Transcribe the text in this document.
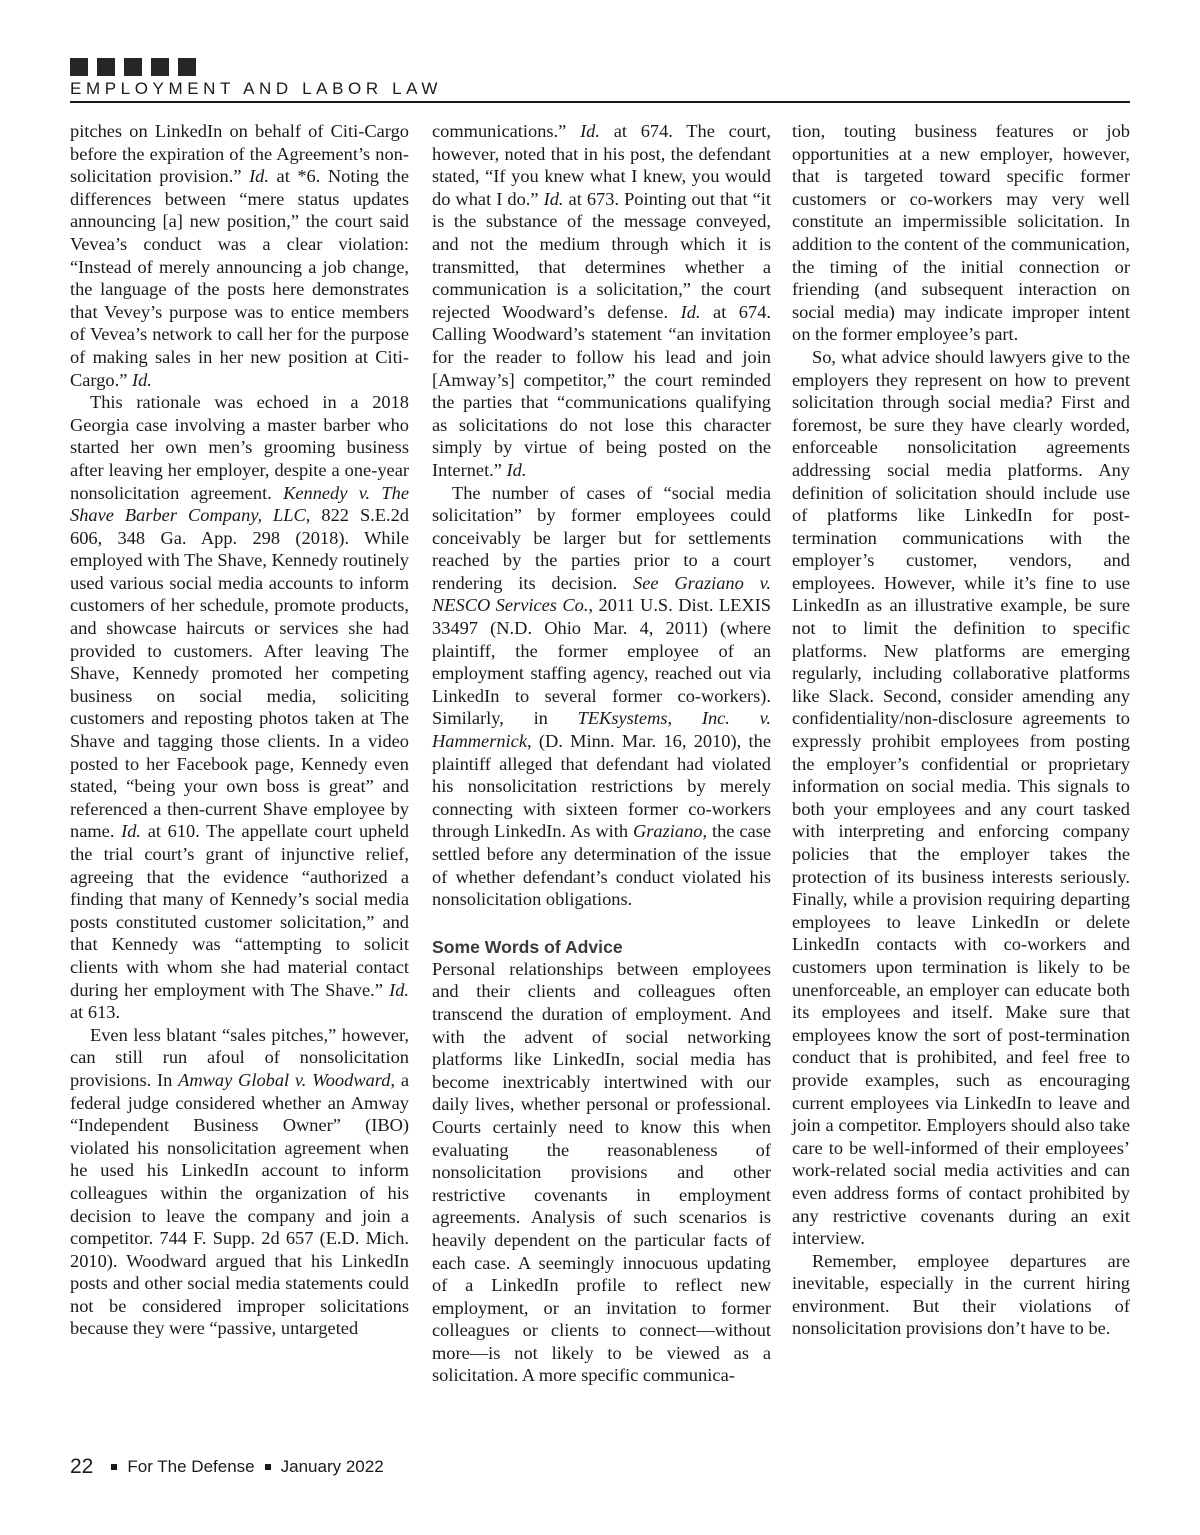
EMPLOYMENT AND LABOR LAW

pitches on LinkedIn on behalf of Citi-Cargo before the expiration of the Agreement’s non-solicitation provision.” Id. at *6. Noting the differences between “mere status updates announcing [a] new position,” the court said Vevea’s conduct was a clear violation: “Instead of merely announcing a job change, the language of the posts here demonstrates that Vevey’s purpose was to entice members of Vevea’s network to call her for the purpose of making sales in her new position at Citi-Cargo.” Id.

This rationale was echoed in a 2018 Georgia case involving a master barber who started her own men’s grooming business after leaving her employer, despite a one-year nonsolicitation agreement. Kennedy v. The Shave Barber Company, LLC, 822 S.E.2d 606, 348 Ga. App. 298 (2018). While employed with The Shave, Kennedy routinely used various social media accounts to inform customers of her schedule, promote products, and showcase haircuts or services she had provided to customers. After leaving The Shave, Kennedy promoted her competing business on social media, soliciting customers and reposting photos taken at The Shave and tagging those clients. In a video posted to her Facebook page, Kennedy even stated, “being your own boss is great” and referenced a then-current Shave employee by name. Id. at 610. The appellate court upheld the trial court’s grant of injunctive relief, agreeing that the evidence “authorized a finding that many of Kennedy’s social media posts constituted customer solicitation,” and that Kennedy was “attempting to solicit clients with whom she had material contact during her employment with The Shave.” Id. at 613.

Even less blatant “sales pitches,” however, can still run afoul of nonsolicitation provisions. In Amway Global v. Woodward, a federal judge considered whether an Amway “Independent Business Owner” (IBO) violated his nonsolicitation agreement when he used his LinkedIn account to inform colleagues within the organization of his decision to leave the company and join a competitor. 744 F. Supp. 2d 657 (E.D. Mich. 2010). Woodward argued that his LinkedIn posts and other social media statements could not be considered improper solicitations because they were “passive, untargeted

communications.” Id. at 674. The court, however, noted that in his post, the defendant stated, “If you knew what I knew, you would do what I do.” Id. at 673. Pointing out that “it is the substance of the message conveyed, and not the medium through which it is transmitted, that determines whether a communication is a solicitation,” the court rejected Woodward’s defense. Id. at 674. Calling Woodward’s statement “an invitation for the reader to follow his lead and join [Amway’s] competitor,” the court reminded the parties that “communications qualifying as solicitations do not lose this character simply by virtue of being posted on the Internet.” Id.

The number of cases of “social media solicitation” by former employees could conceivably be larger but for settlements reached by the parties prior to a court rendering its decision. See Graziano v. NESCO Services Co., 2011 U.S. Dist. LEXIS 33497 (N.D. Ohio Mar. 4, 2011) (where plaintiff, the former employee of an employment staffing agency, reached out via LinkedIn to several former co-workers). Similarly, in TEKsystems, Inc. v. Hammernick, (D. Minn. Mar. 16, 2010), the plaintiff alleged that defendant had violated his nonsolicitation restrictions by merely connecting with sixteen former co-workers through LinkedIn. As with Graziano, the case settled before any determination of the issue of whether defendant’s conduct violated his nonsolicitation obligations.

Some Words of Advice

Personal relationships between employees and their clients and colleagues often transcend the duration of employment. And with the advent of social networking platforms like LinkedIn, social media has become inextricably intertwined with our daily lives, whether personal or professional. Courts certainly need to know this when evaluating the reasonableness of nonsolicitation provisions and other restrictive covenants in employment agreements. Analysis of such scenarios is heavily dependent on the particular facts of each case. A seemingly innocuous updating of a LinkedIn profile to reflect new employment, or an invitation to former colleagues or clients to connect—without more—is not likely to be viewed as a solicitation. A more specific communica-

tion, touting business features or job opportunities at a new employer, however, that is targeted toward specific former customers or co-workers may very well constitute an impermissible solicitation. In addition to the content of the communication, the timing of the initial connection or friending (and subsequent interaction on social media) may indicate improper intent on the former employee’s part.

So, what advice should lawyers give to the employers they represent on how to prevent solicitation through social media? First and foremost, be sure they have clearly worded, enforceable nonsolicitation agreements addressing social media platforms. Any definition of solicitation should include use of platforms like LinkedIn for post-termination communications with the employer’s customer, vendors, and employees. However, while it’s fine to use LinkedIn as an illustrative example, be sure not to limit the definition to specific platforms. New platforms are emerging regularly, including collaborative platforms like Slack. Second, consider amending any confidentiality/non-disclosure agreements to expressly prohibit employees from posting the employer’s confidential or proprietary information on social media. This signals to both your employees and any court tasked with interpreting and enforcing company policies that the employer takes the protection of its business interests seriously. Finally, while a provision requiring departing employees to leave LinkedIn or delete LinkedIn contacts with co-workers and customers upon termination is likely to be unenforceable, an employer can educate both its employees and itself. Make sure that employees know the sort of post-termination conduct that is prohibited, and feel free to provide examples, such as encouraging current employees via LinkedIn to leave and join a competitor. Employers should also take care to be well-informed of their employees’ work-related social media activities and can even address forms of contact prohibited by any restrictive covenants during an exit interview.

Remember, employee departures are inevitable, especially in the current hiring environment. But their violations of nonsolicitation provisions don’t have to be.

22 For The Defense January 2022
